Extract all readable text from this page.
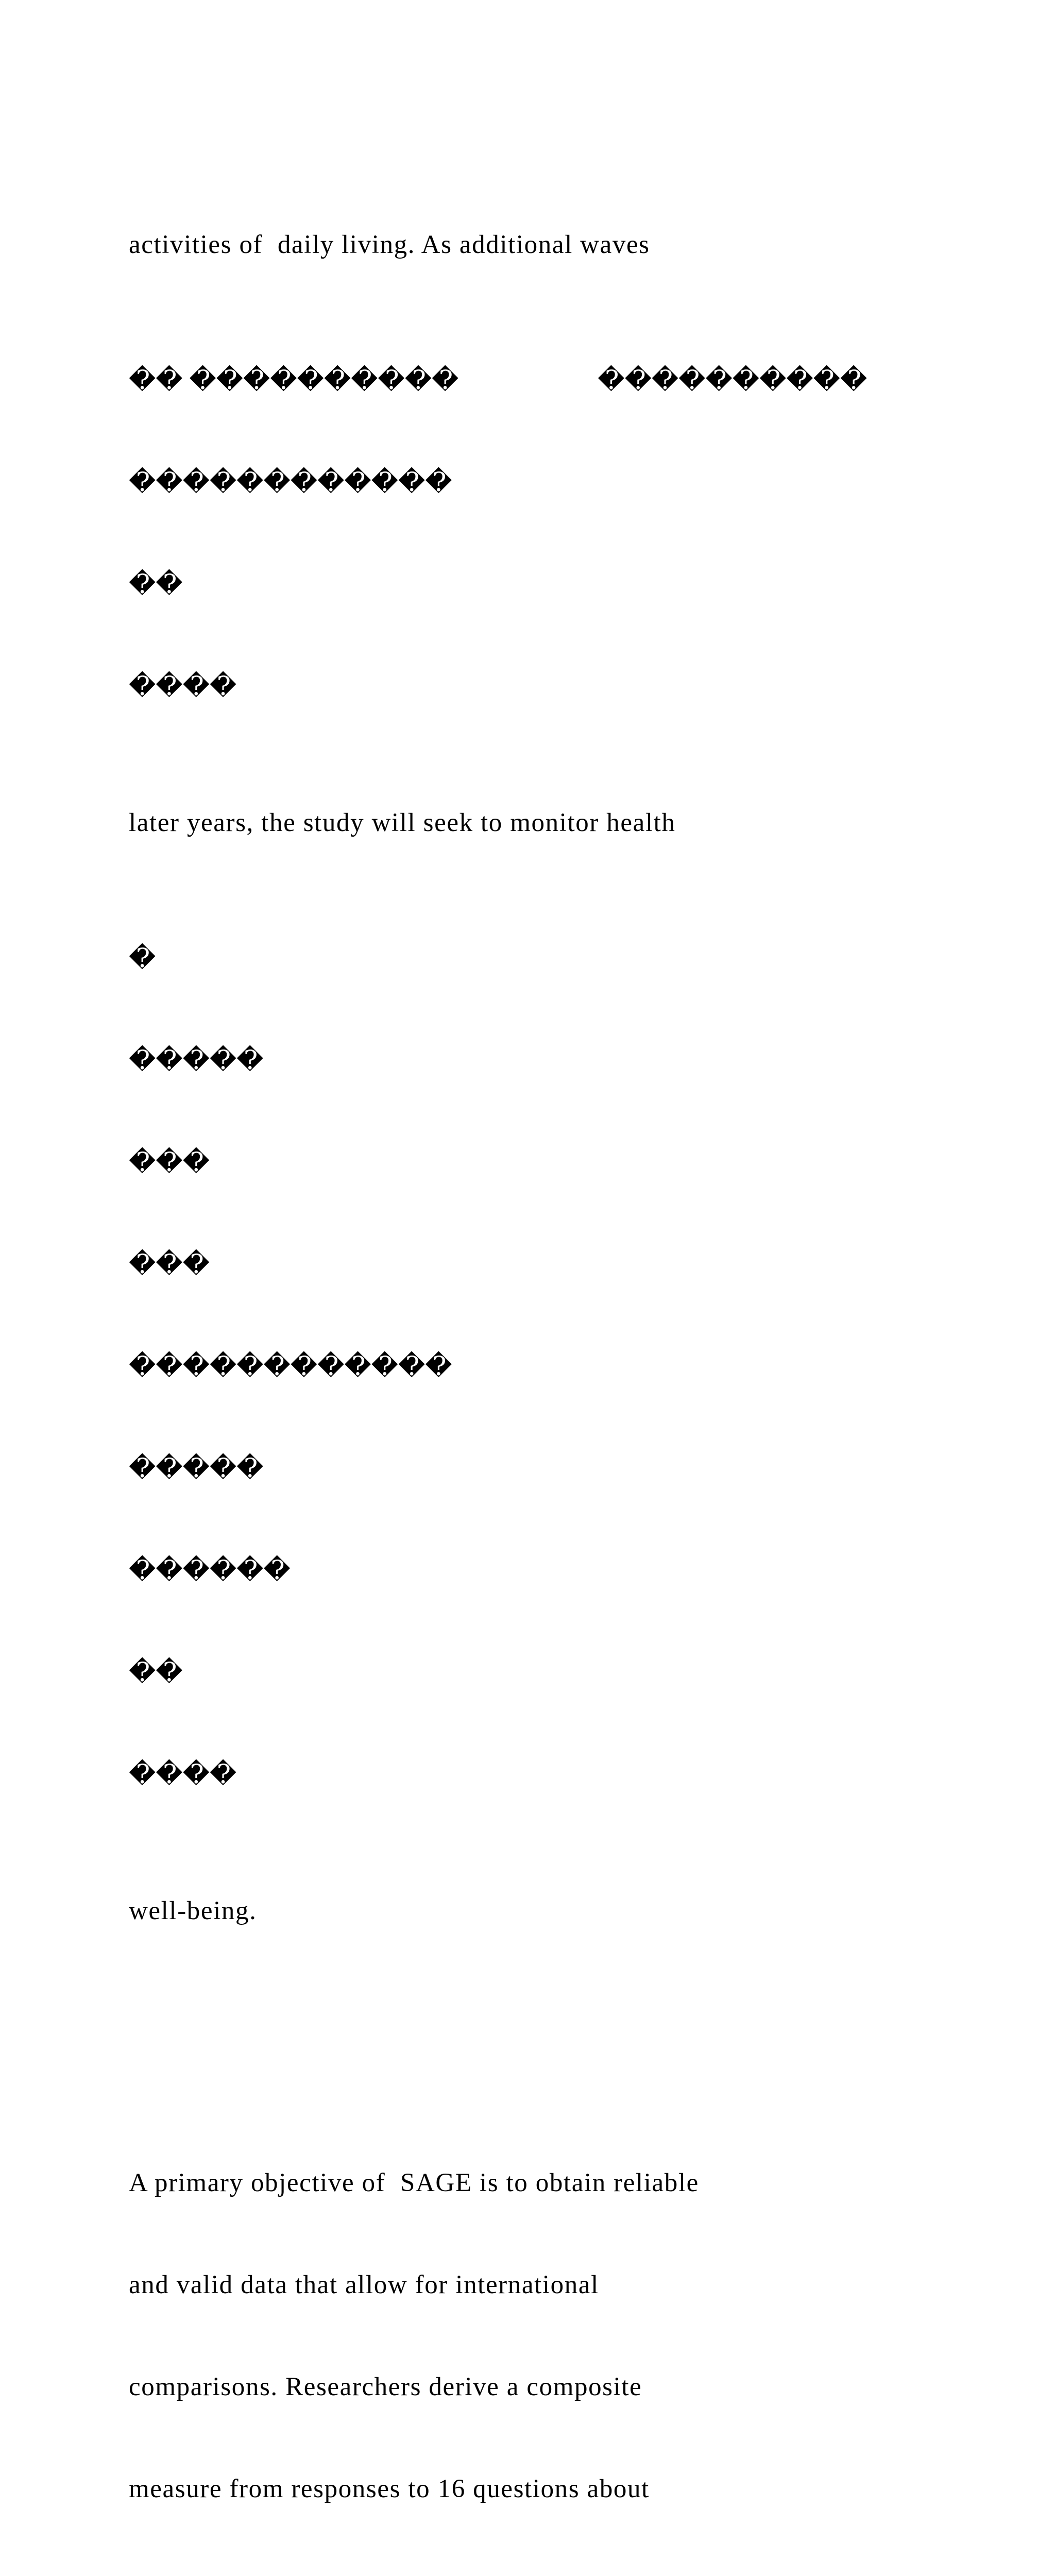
activities of  daily living. As additional waves

�� ����������	����������

������������

��

����

later years, the study will seek to monitor health

�

�����

���

���

������������

�����

������

��

����

well-being.

A primary objective of  SAGE is to obtain reliable

and valid data that allow for international

comparisons. Researchers derive a composite

measure from responses to 16 questions about
